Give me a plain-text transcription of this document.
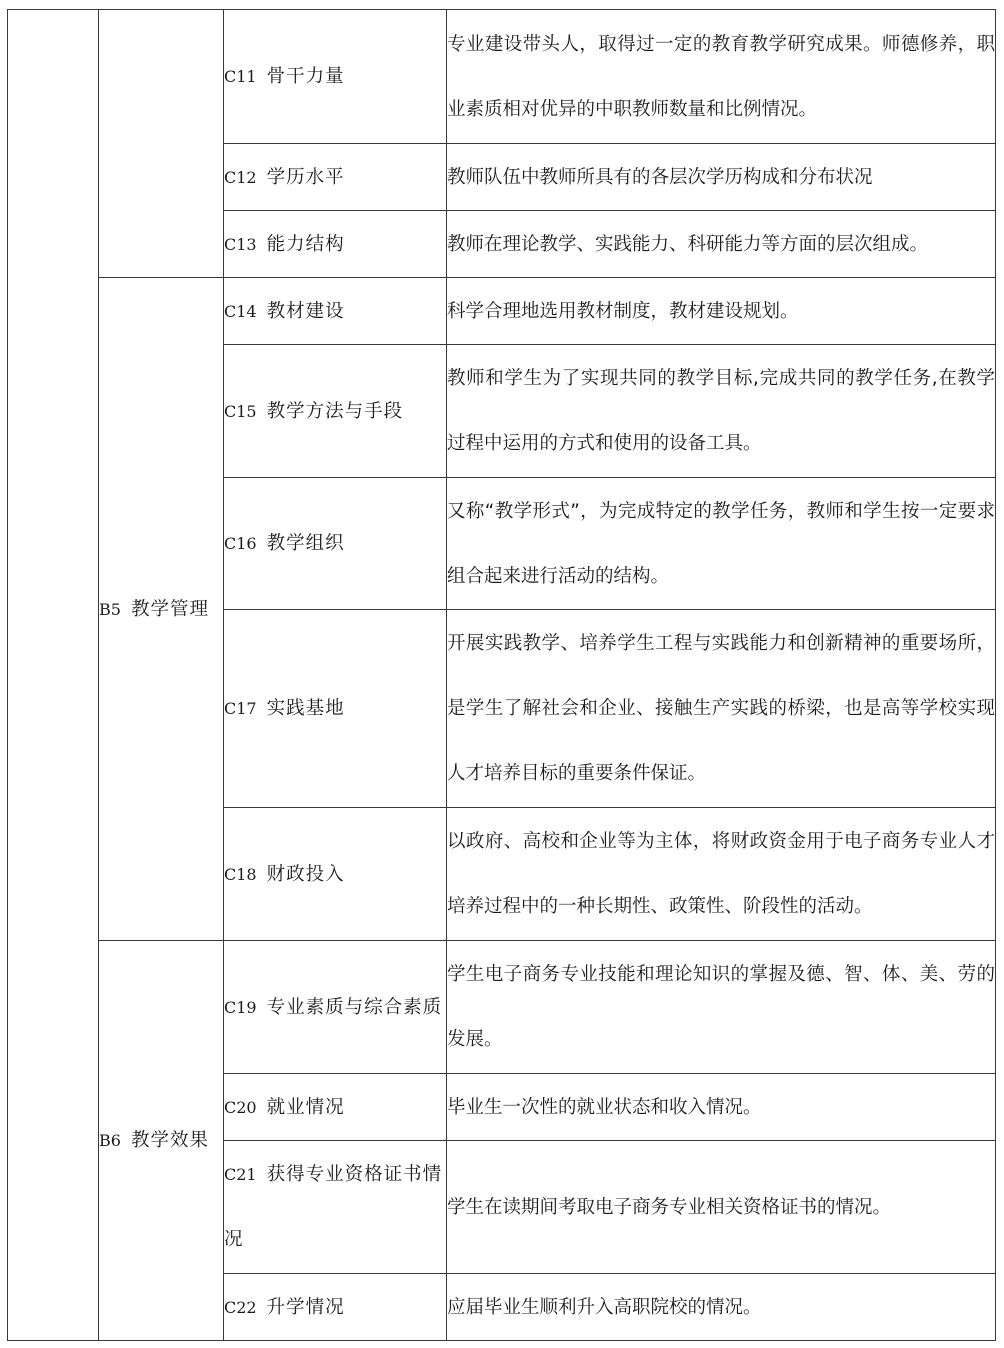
		C11 骨干力量	专业建设带头人，取得过一定的教育教学研究成果。师德修养，职业素质相对优异的中职教师数量和比例情况。
		C12 学历水平	教师队伍中教师所具有的各层次学历构成和分布状况
		C13 能力结构	教师在理论教学、实践能力、科研能力等方面的层次组成。
	B5 教学管理	C14 教材建设	科学合理地选用教材制度，教材建设规划。
		C15 教学方法与手段	教师和学生为了实现共同的教学目标,完成共同的教学任务,在教学过程中运用的方式和使用的设备工具。
		C16 教学组织	又称“教学形式”，为完成特定的教学任务，教师和学生按一定要求组合起来进行活动的结构。
		C17 实践基地	开展实践教学、培养学生工程与实践能力和创新精神的重要场所，是学生了解社会和企业、接触生产实践的桥梁，也是高等学校实现人才培养目标的重要条件保证。
		C18 财政投入	以政府、高校和企业等为主体，将财政资金用于电子商务专业人才培养过程中的一种长期性、政策性、阶段性的活动。
	B6 教学效果	C19 专业素质与综合素质	学生电子商务专业技能和理论知识的掌握及德、智、体、美、劳的发展。
		C20 就业情况	毕业生一次性的就业状态和收入情况。
		C21 获得专业资格证书情况	学生在读期间考取电子商务专业相关资格证书的情况。
		C22 升学情况	应届毕业生顺利升入高职院校的情况。
